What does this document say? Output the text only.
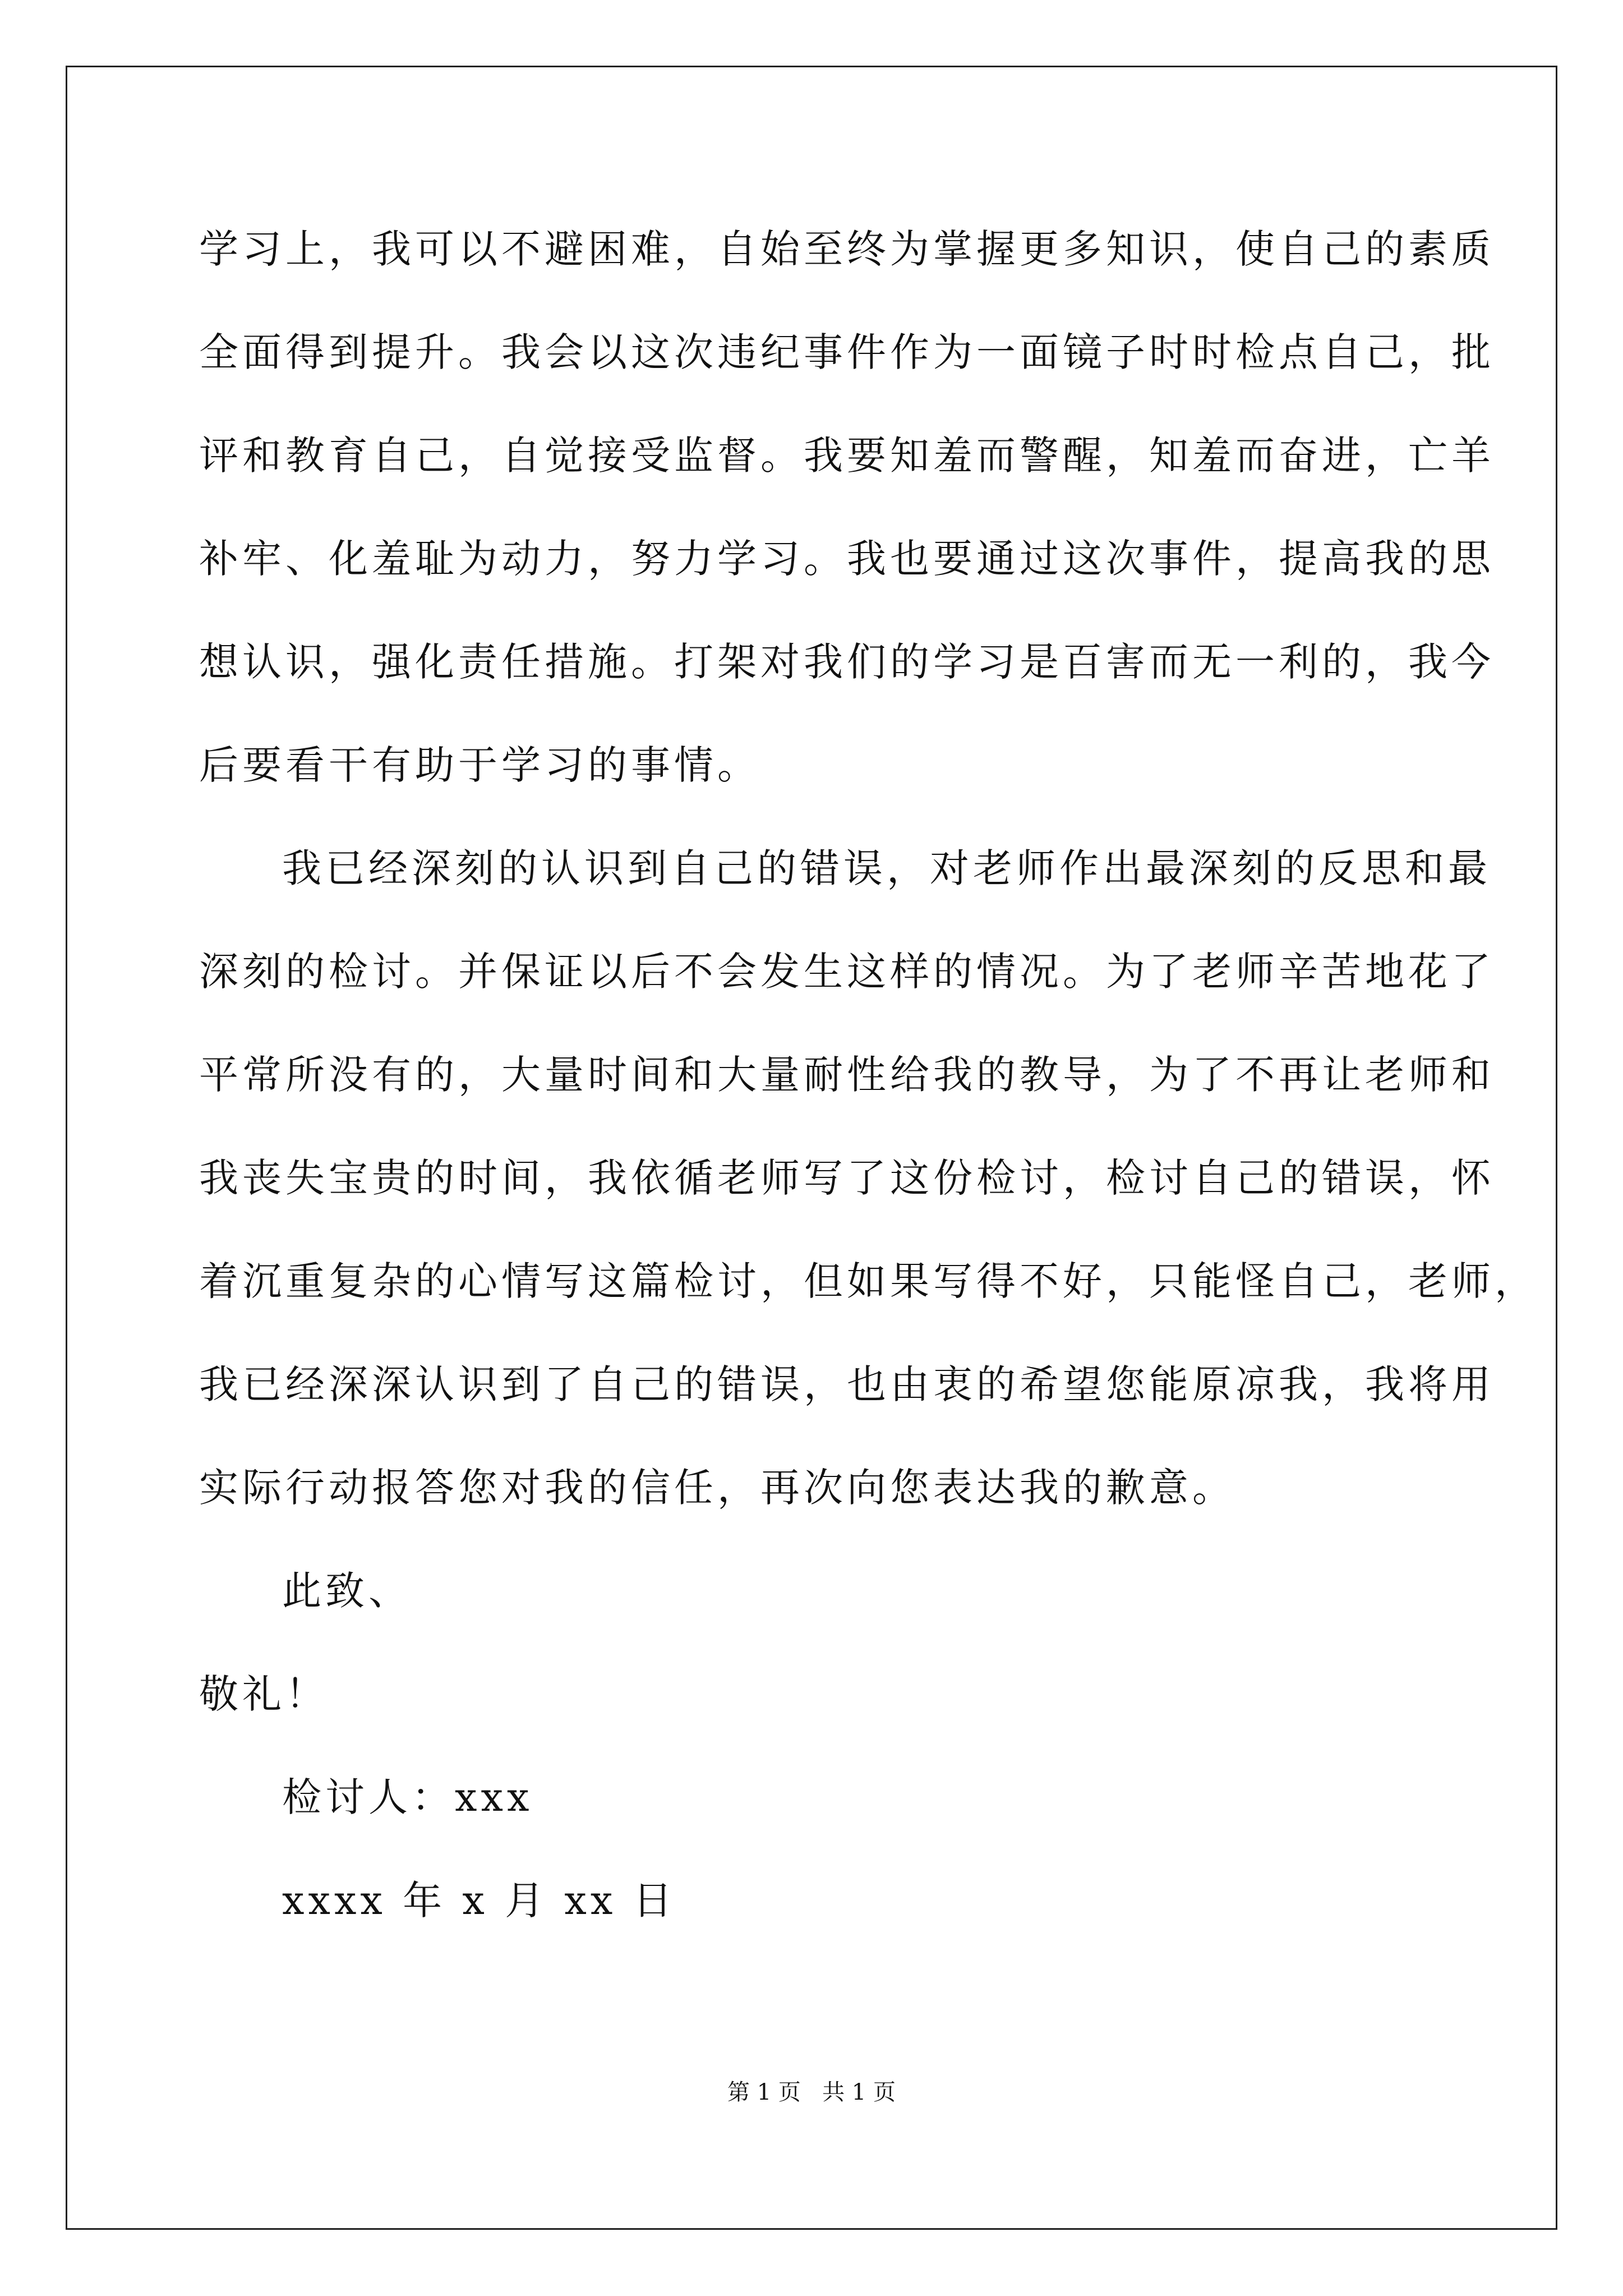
学习上，我可以不避困难，自始至终为掌握更多知识，使自己的素质
全面得到提升。我会以这次违纪事件作为一面镜子时时检点自己，批
评和教育自己，自觉接受监督。我要知羞而警醒，知羞而奋进，亡羊
补牢、化羞耻为动力，努力学习。我也要通过这次事件，提高我的思
想认识，强化责任措施。打架对我们的学习是百害而无一利的，我今
后要看干有助于学习的事情。
我已经深刻的认识到自己的错误，对老师作出最深刻的反思和最
深刻的检讨。并保证以后不会发生这样的情况。为了老师辛苦地花了
平常所没有的，大量时间和大量耐性给我的教导，为了不再让老师和
我丧失宝贵的时间，我依循老师写了这份检讨，检讨自己的错误，怀
着沉重复杂的心情写这篇检讨，但如果写得不好，只能怪自己，老师，
我已经深深认识到了自己的错误，也由衷的希望您能原凉我，我将用
实际行动报答您对我的信任，再次向您表达我的歉意。
此致、
敬礼！
检讨人：xxx
xxxx 年 x 月 xx 日
第 1 页   共 1 页
